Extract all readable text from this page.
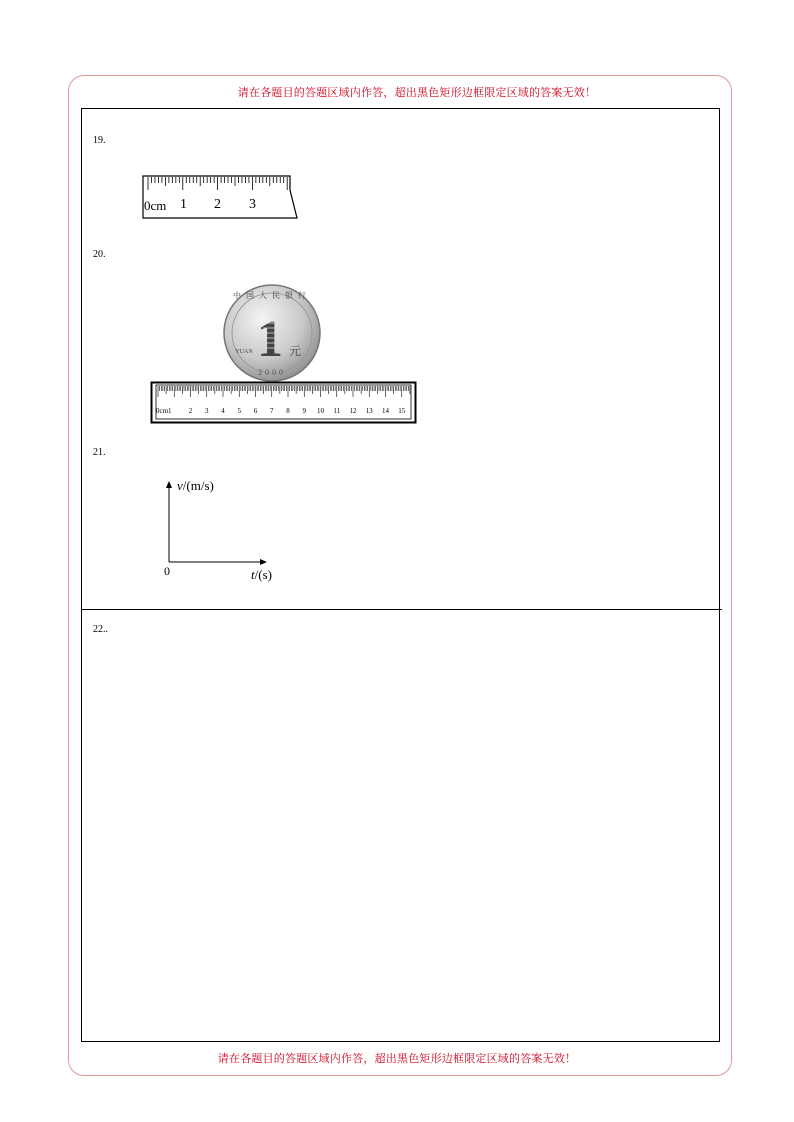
请在各题目的答题区域内作答，超出黑色矩形边框限定区域的答案无效！
19.
0cm 1 2 3
20.
中国人民银行
1 元
YUAN
2000
0cm1 2 3 4 5 6 7 8 9 10 11 12 13 14 15
21.
v/(m/s)
0	t/(s)
22..
请在各题目的答题区域内作答，超出黑色矩形边框限定区域的答案无效！
